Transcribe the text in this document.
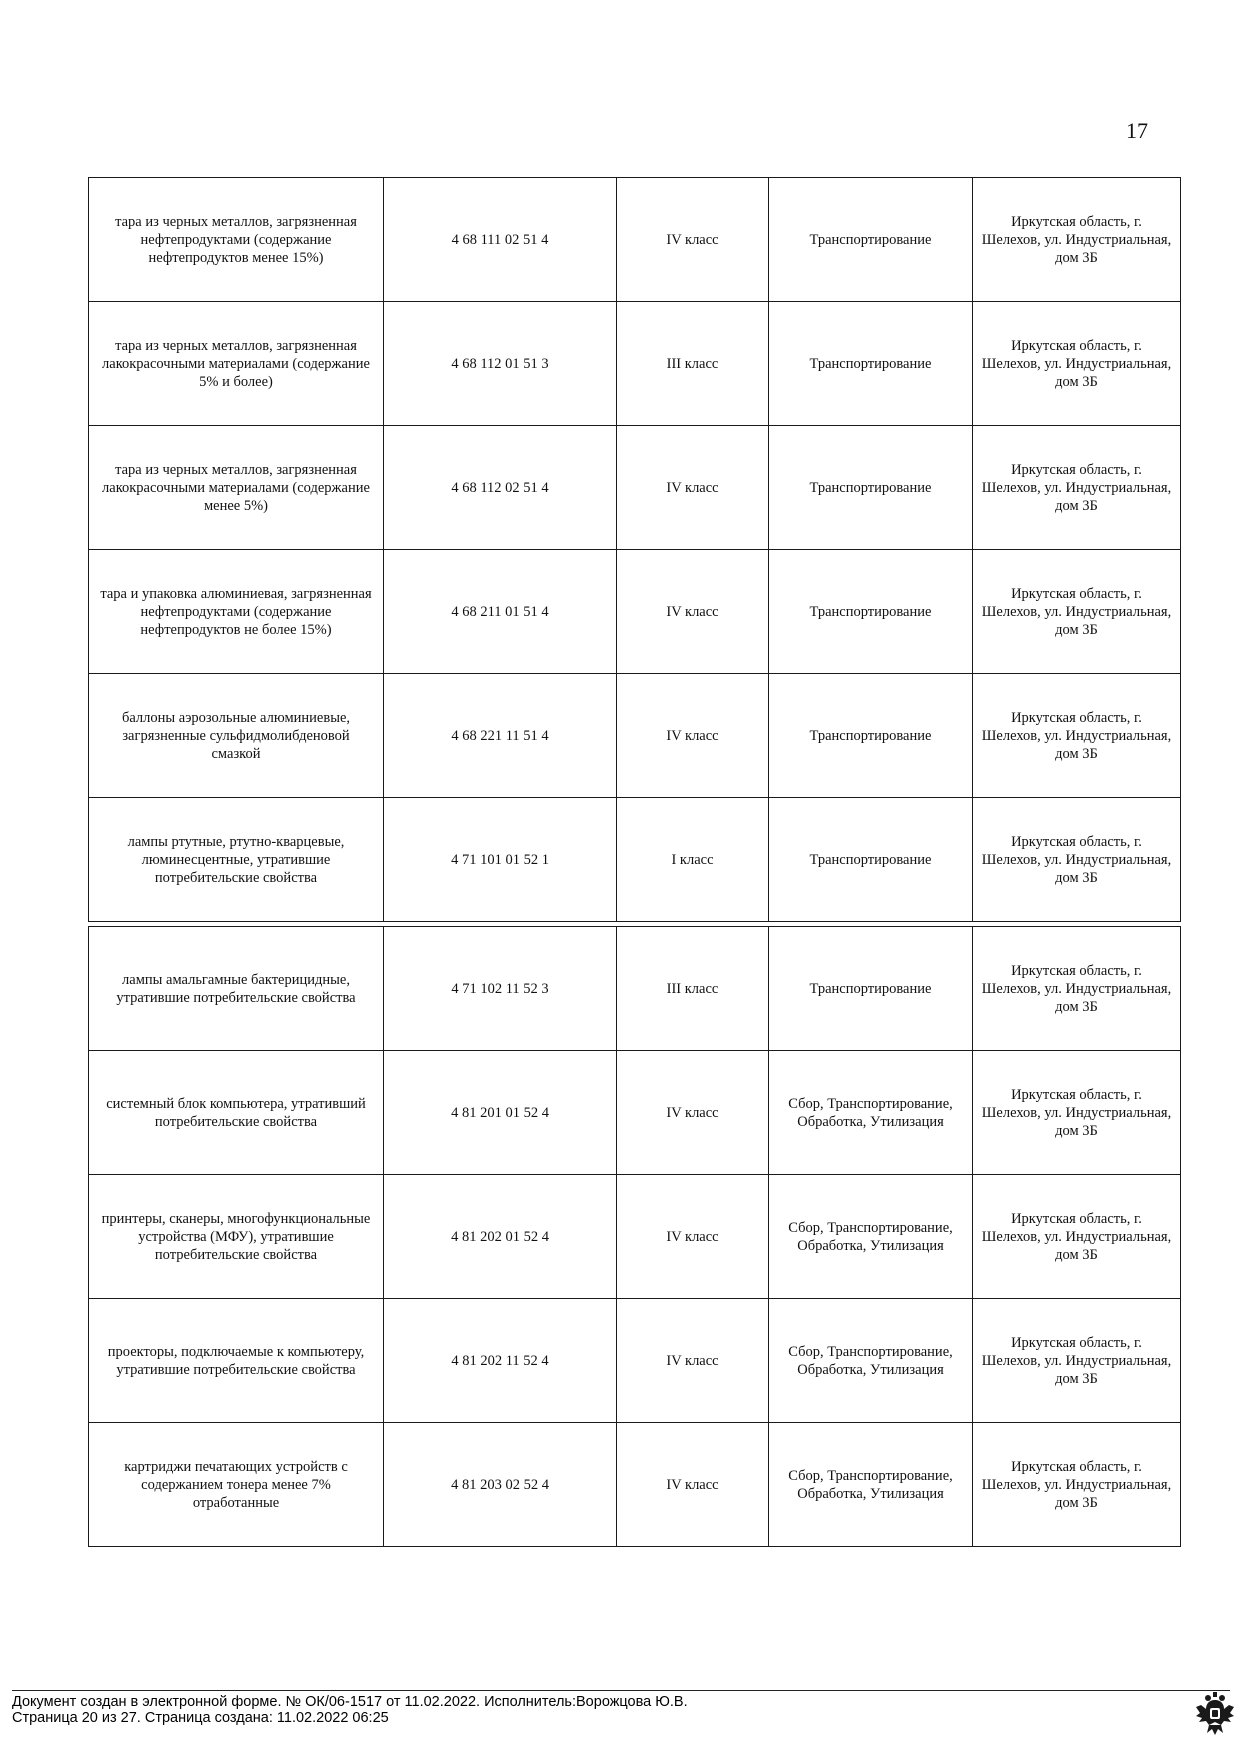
17
тара из черных металлов, загрязненная нефтепродуктами (содержание нефтепродуктов менее 15%)	4 68 111 02 51 4	IV класс	Транспортирование	Иркутская область, г. Шелехов, ул. Индустриальная, дом 3Б
тара из черных металлов, загрязненная лакокрасочными материалами (содержание 5% и более)	4 68 112 01 51 3	III класс	Транспортирование	Иркутская область, г. Шелехов, ул. Индустриальная, дом 3Б
тара из черных металлов, загрязненная лакокрасочными материалами (содержание менее 5%)	4 68 112 02 51 4	IV класс	Транспортирование	Иркутская область, г. Шелехов, ул. Индустриальная, дом 3Б
тара и упаковка алюминиевая, загрязненная нефтепродуктами (содержание нефтепродуктов не более 15%)	4 68 211 01 51 4	IV класс	Транспортирование	Иркутская область, г. Шелехов, ул. Индустриальная, дом 3Б
баллоны аэрозольные алюминиевые, загрязненные сульфидмолибденовой смазкой	4 68 221 11 51 4	IV класс	Транспортирование	Иркутская область, г. Шелехов, ул. Индустриальная, дом 3Б
лампы ртутные, ртутно-кварцевые, люминесцентные, утратившие потребительские свойства	4 71 101 01 52 1	I класс	Транспортирование	Иркутская область, г. Шелехов, ул. Индустриальная, дом 3Б
лампы амальгамные бактерицидные, утратившие потребительские свойства	4 71 102 11 52 3	III класс	Транспортирование	Иркутская область, г. Шелехов, ул. Индустриальная, дом 3Б
системный блок компьютера, утративший потребительские свойства	4 81 201 01 52 4	IV класс	Сбор, Транспортирование, Обработка, Утилизация	Иркутская область, г. Шелехов, ул. Индустриальная, дом 3Б
принтеры, сканеры, многофункциональные устройства (МФУ), утратившие потребительские свойства	4 81 202 01 52 4	IV класс	Сбор, Транспортирование, Обработка, Утилизация	Иркутская область, г. Шелехов, ул. Индустриальная, дом 3Б
проекторы, подключаемые к компьютеру, утратившие потребительские свойства	4 81 202 11 52 4	IV класс	Сбор, Транспортирование, Обработка, Утилизация	Иркутская область, г. Шелехов, ул. Индустриальная, дом 3Б
картриджи печатающих устройств с содержанием тонера менее 7% отработанные	4 81 203 02 52 4	IV класс	Сбор, Транспортирование, Обработка, Утилизация	Иркутская область, г. Шелехов, ул. Индустриальная, дом 3Б
Документ создан в электронной форме. № ОК/06-1517 от 11.02.2022. Исполнитель:Ворожцова Ю.В.
Страница 20 из 27. Страница создана: 11.02.2022 06:25
